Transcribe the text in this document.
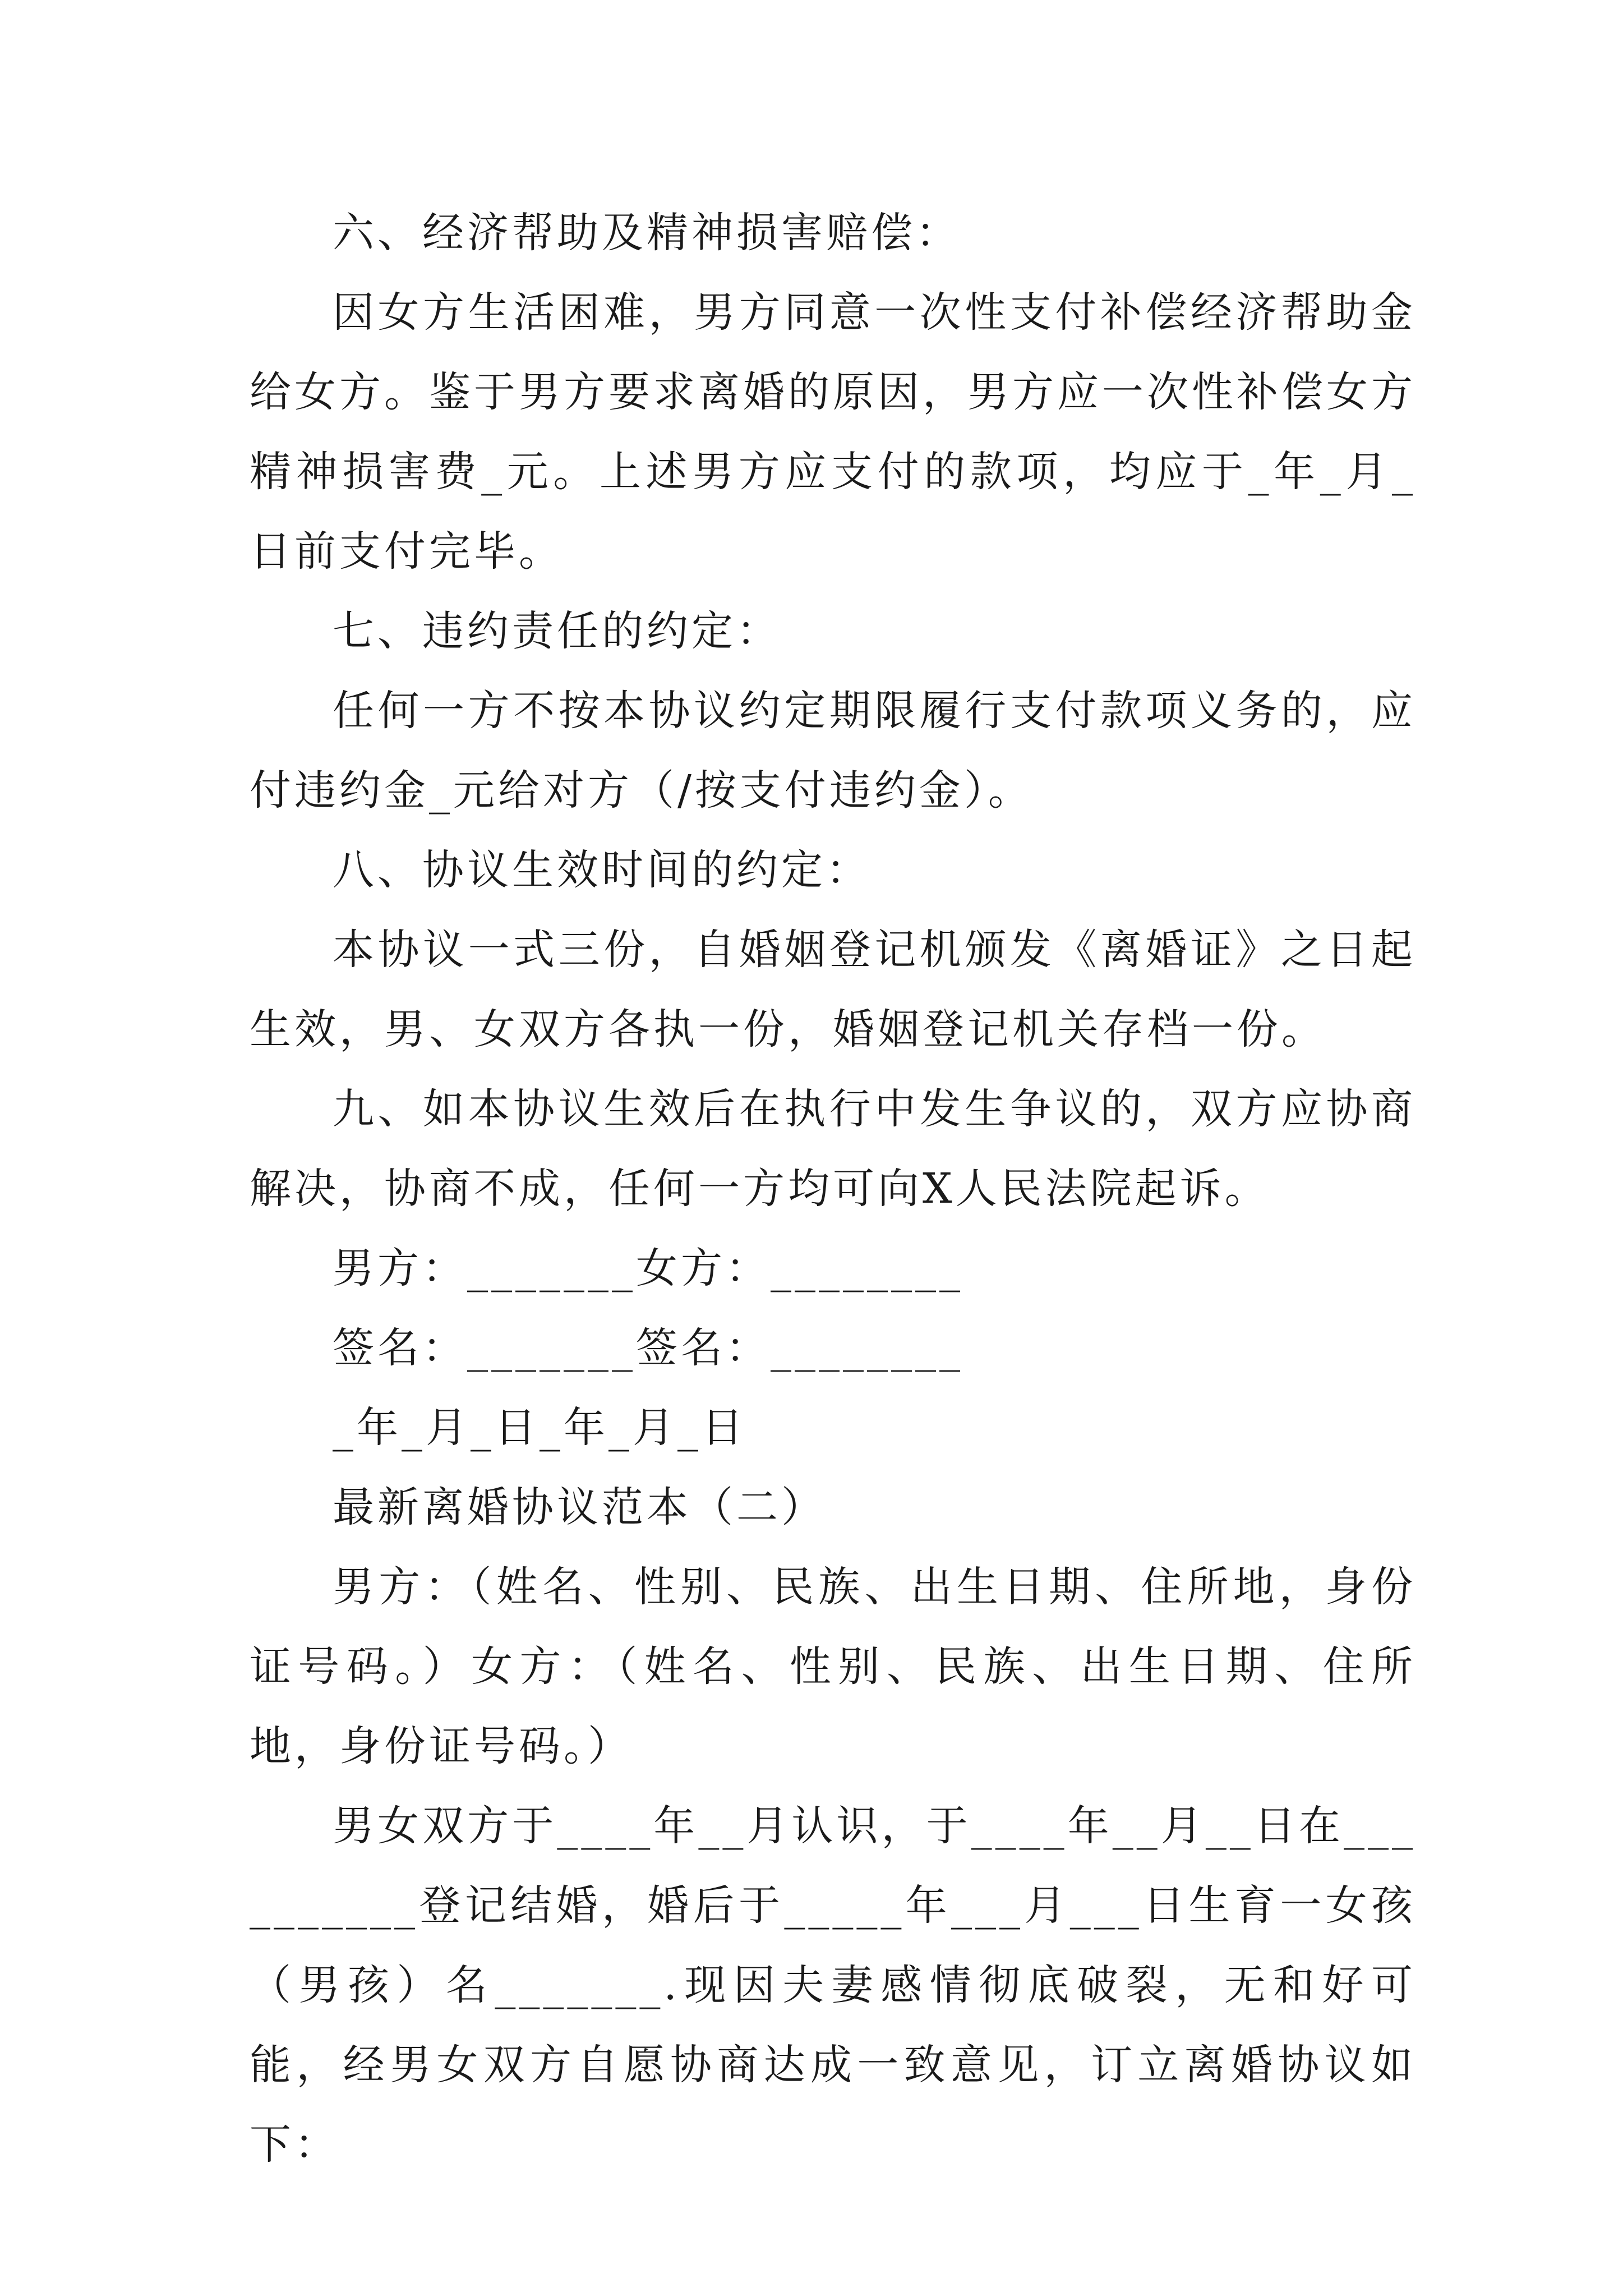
六、经济帮助及精神损害赔偿：

因女方生活困难，男方同意一次性支付补偿经济帮助金给女方。鉴于男方要求离婚的原因，男方应一次性补偿女方精神损害费_元。上述男方应支付的款项，均应于_年_月_日前支付完毕。

七、违约责任的约定：

任何一方不按本协议约定期限履行支付款项义务的，应付违约金_元给对方（/按支付违约金）。

八、协议生效时间的约定：

本协议一式三份，自婚姻登记机颁发《离婚证》之日起生效，男、女双方各执一份，婚姻登记机关存档一份。

九、如本协议生效后在执行中发生争议的，双方应协商解决，协商不成，任何一方均可向X人民法院起诉。

男方：_______女方：________

签名：_______签名：________

_年_月_日_年_月_日

最新离婚协议范本（二）

男方：（姓名、性别、民族、出生日期、住所地，身份证号码。）女方：（姓名、性别、民族、出生日期、住所地，身份证号码。）

男女双方于____年__月认识，于____年__月__日在__________登记结婚，婚后于_____年___月___日生育一女孩（男孩）名_______.现因夫妻感情彻底破裂，无和好可能，经男女双方自愿协商达成一致意见，订立离婚协议如下：
